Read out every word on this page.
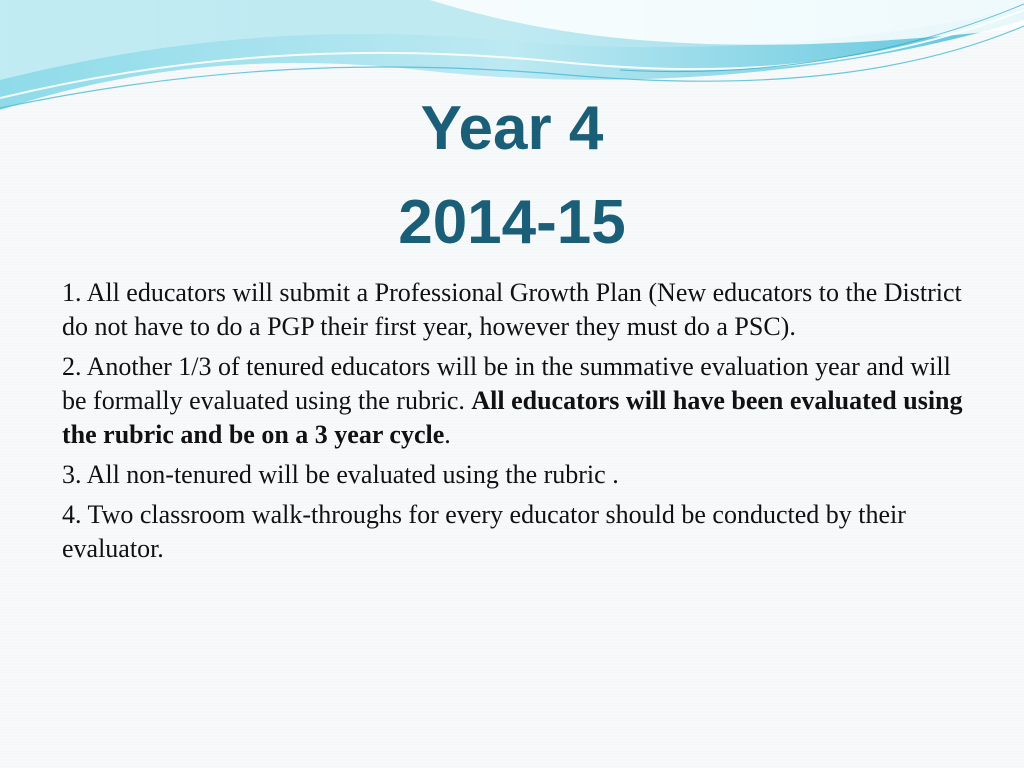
Year 4
2014-15

1. All educators will submit a Professional Growth Plan (New educators to the District do not have to do a PGP their first year, however they must do a PSC).

2. Another 1/3 of tenured educators will be in the summative evaluation year and will be formally evaluated using the rubric. All educators will have been evaluated using the rubric and be on a 3 year cycle.

3. All non-tenured will be evaluated using the rubric .

4. Two classroom walk-throughs for every educator should be conducted by their evaluator.
